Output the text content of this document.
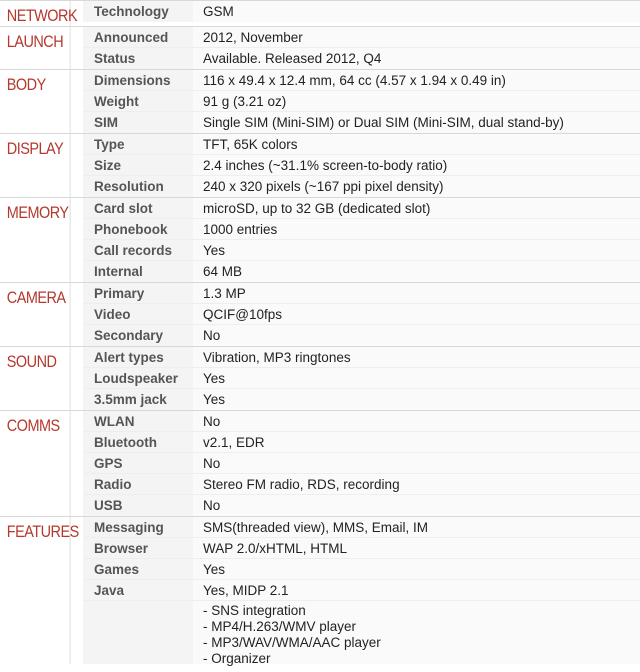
NETWORK	Technology	GSM
LAUNCH	Announced	2012, November
Status	Available. Released 2012, Q4
BODY	Dimensions	116 x 49.4 x 12.4 mm, 64 cc (4.57 x 1.94 x 0.49 in)
Weight	91 g (3.21 oz)
SIM	Single SIM (Mini-SIM) or Dual SIM (Mini-SIM, dual stand-by)
DISPLAY	Type	TFT, 65K colors
Size	2.4 inches (~31.1% screen-to-body ratio)
Resolution	240 x 320 pixels (~167 ppi pixel density)
MEMORY	Card slot	microSD, up to 32 GB (dedicated slot)
Phonebook	1000 entries
Call records	Yes
Internal	64 MB
CAMERA	Primary	1.3 MP
Video	QCIF@10fps
Secondary	No
SOUND	Alert types	Vibration, MP3 ringtones
Loudspeaker	Yes
3.5mm jack	Yes
COMMS	WLAN	No
Bluetooth	v2.1, EDR
GPS	No
Radio	Stereo FM radio, RDS, recording
USB	No
FEATURES	Messaging	SMS(threaded view), MMS, Email, IM
Browser	WAP 2.0/xHTML, HTML
Games	Yes
Java	Yes, MIDP 2.1
- SNS integration
- MP4/H.263/WMV player
- MP3/WAV/WMA/AAC player
- Organizer
